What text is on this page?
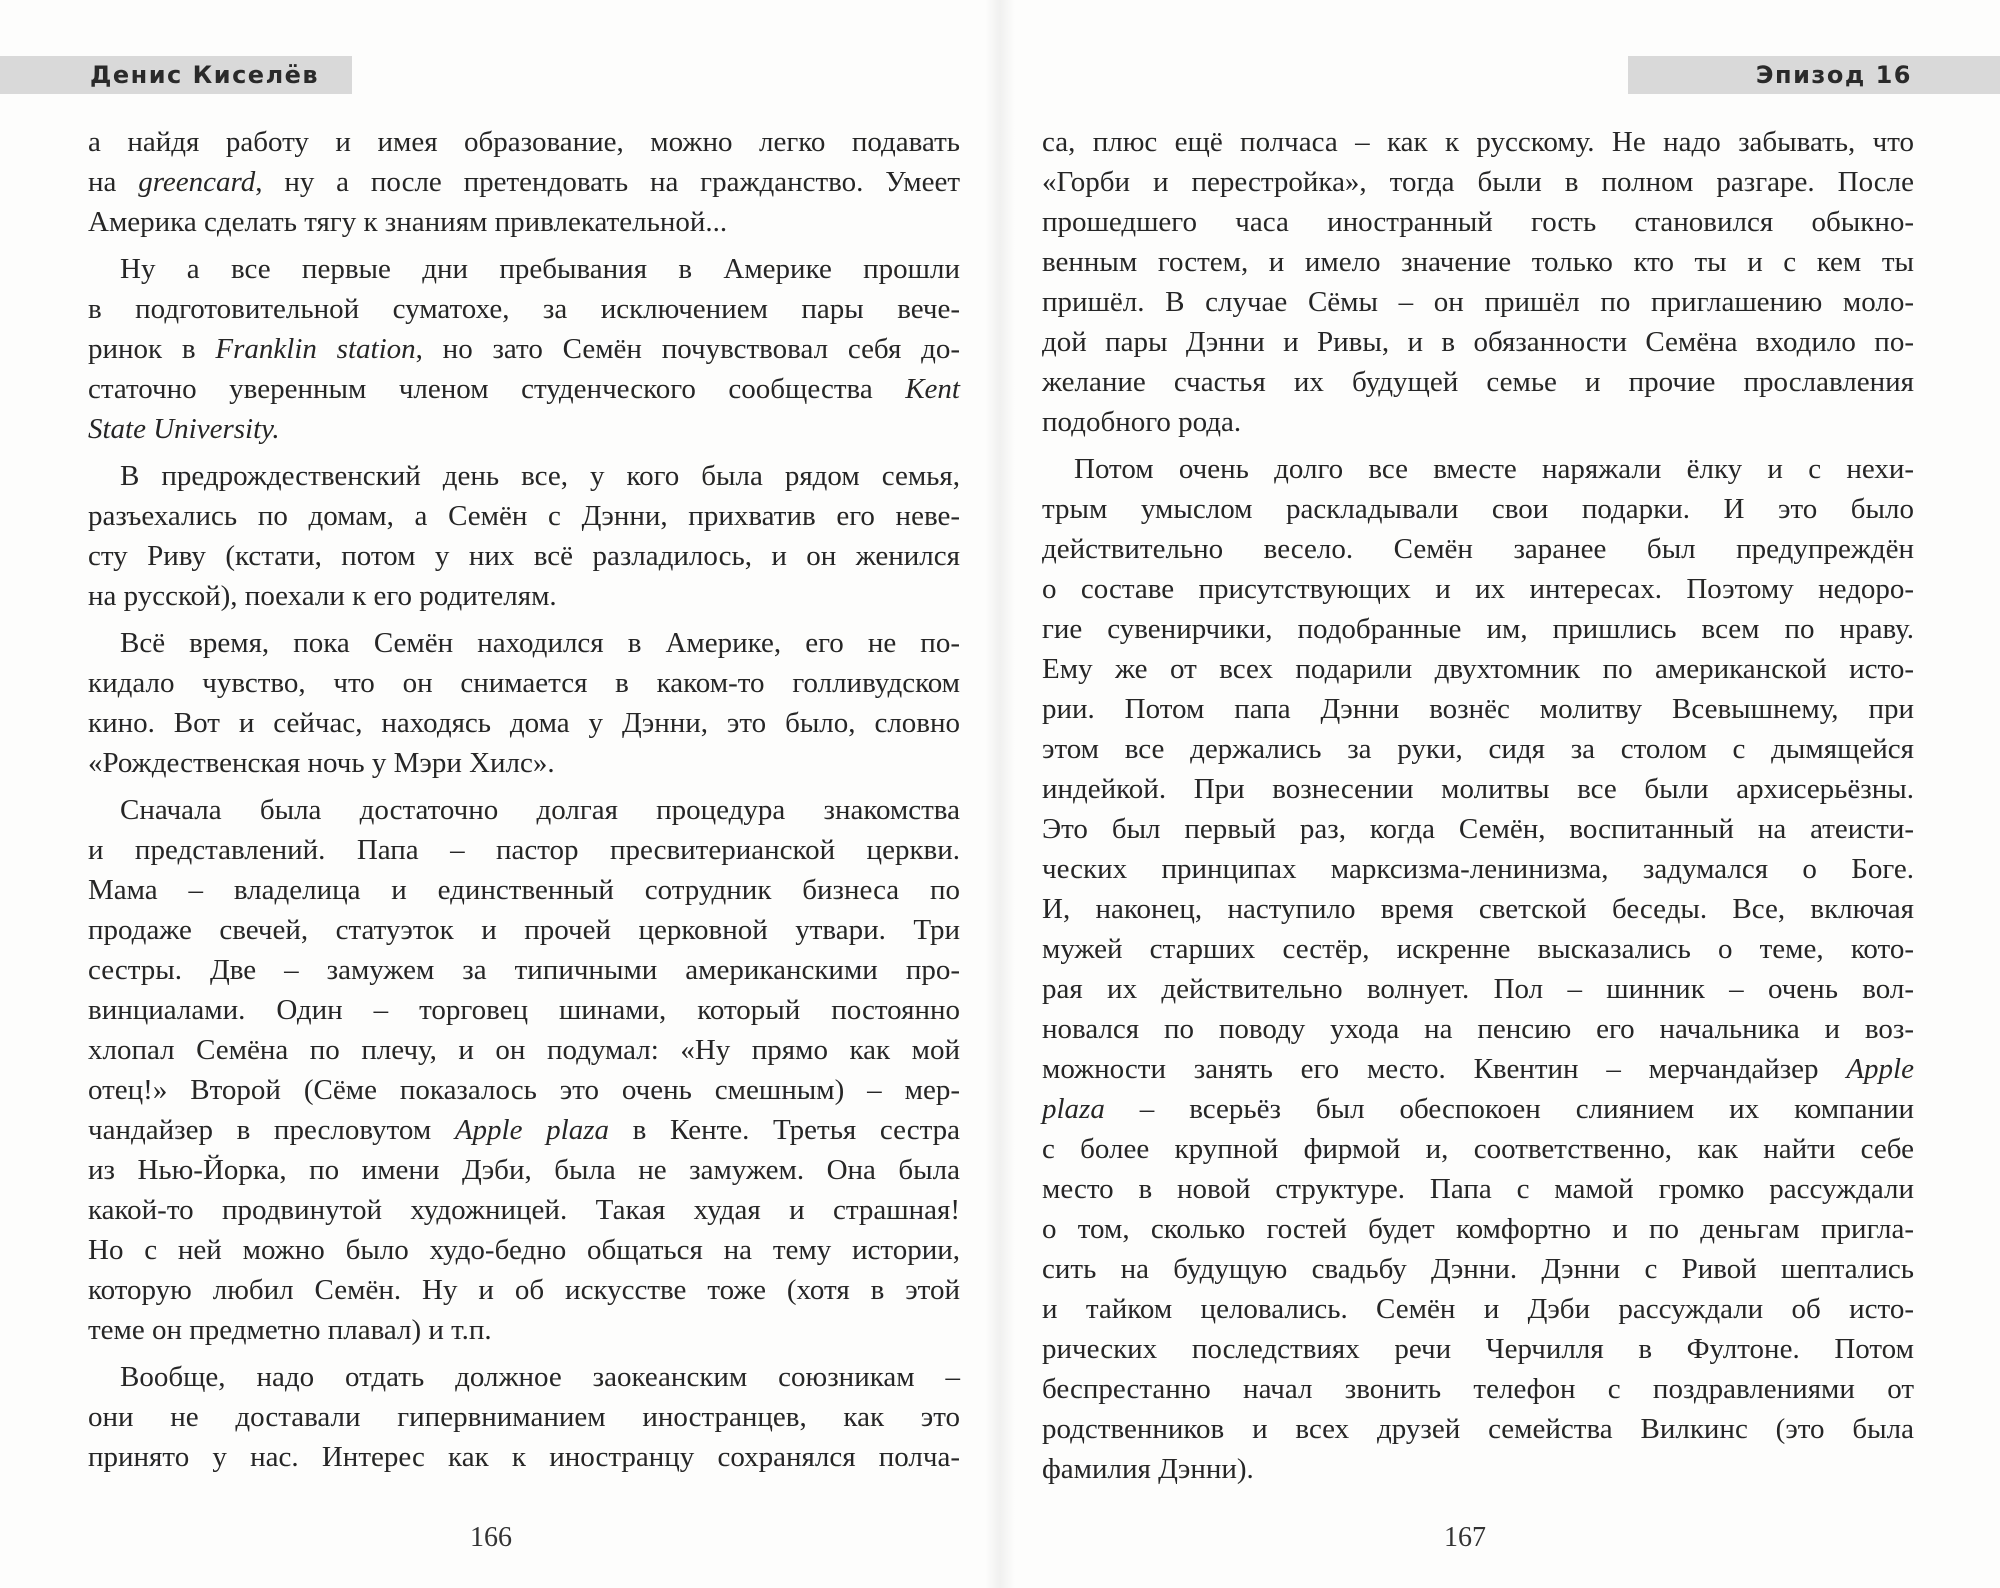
Денис Киселёв
а найдя работу и имея образование, можно легко подавать
на greencard, ну а после претендовать на гражданство. Умеет
Америка сделать тягу к знаниям привлекательной...
Ну а все первые дни пребывания в Америке прошли
в подготовительной суматохе, за исключением пары вече-
ринок в Franklin station, но зато Семён почувствовал себя до-
статочно уверенным членом студенческого сообщества Kent
State University.
В предрождественский день все, у кого была рядом семья,
разъехались по домам, а Семён с Дэнни, прихватив его неве-
сту Риву (кстати, потом у них всё разладилось, и он женился
на русской), поехали к его родителям.
Всё время, пока Семён находился в Америке, его не по-
кидало чувство, что он снимается в каком-то голливудском
кино. Вот и сейчас, находясь дома у Дэнни, это было, словно
«Рождественская ночь у Мэри Хилс».
Сначала была достаточно долгая процедура знакомства
и представлений. Папа – пастор пресвитерианской церкви.
Мама – владелица и единственный сотрудник бизнеса по
продаже свечей, статуэток и прочей церковной утвари. Три
сестры. Две – замужем за типичными американскими про-
винциалами. Один – торговец шинами, который постоянно
хлопал Семёна по плечу, и он подумал: «Ну прямо как мой
отец!» Второй (Сёме показалось это очень смешным) – мер-
чандайзер в пресловутом Apple plaza в Кенте. Третья сестра
из Нью-Йорка, по имени Дэби, была не замужем. Она была
какой-то продвинутой художницей. Такая худая и страшная!
Но с ней можно было худо-бедно общаться на тему истории,
которую любил Семён. Ну и об искусстве тоже (хотя в этой
теме он предметно плавал) и т.п.
Вообще, надо отдать должное заокеанским союзникам –
они не доставали гипервниманием иностранцев, как это
принято у нас. Интерес как к иностранцу сохранялся полча-
166
Эпизод 16
са, плюс ещё полчаса – как к русскому. Не надо забывать, что
«Горби и перестройка», тогда были в полном разгаре. После
прошедшего часа иностранный гость становился обыкно-
венным гостем, и имело значение только кто ты и с кем ты
пришёл. В случае Сёмы – он пришёл по приглашению моло-
дой пары Дэнни и Ривы, и в обязанности Семёна входило по-
желание счастья их будущей семье и прочие прославления
подобного рода.
Потом очень долго все вместе наряжали ёлку и с нехи-
трым умыслом раскладывали свои подарки. И это было
действительно весело. Семён заранее был предупреждён
о составе присутствующих и их интересах. Поэтому недоро-
гие сувенирчики, подобранные им, пришлись всем по нраву.
Ему же от всех подарили двухтомник по американской исто-
рии. Потом папа Дэнни вознёс молитву Всевышнему, при
этом все держались за руки, сидя за столом с дымящейся
индейкой. При вознесении молитвы все были архисерьёзны.
Это был первый раз, когда Семён, воспитанный на атеисти-
ческих принципах марксизма-ленинизма, задумался о Боге.
И, наконец, наступило время светской беседы. Все, включая
мужей старших сестёр, искренне высказались о теме, кото-
рая их действительно волнует. Пол – шинник – очень вол-
новался по поводу ухода на пенсию его начальника и воз-
можности занять его место. Квентин – мерчандайзер Apple
plaza – всерьёз был обеспокоен слиянием их компании
с более крупной фирмой и, соответственно, как найти себе
место в новой структуре. Папа с мамой громко рассуждали
о том, сколько гостей будет комфортно и по деньгам пригла-
сить на будущую свадьбу Дэнни. Дэнни с Ривой шептались
и тайком целовались. Семён и Дэби рассуждали об исто-
рических последствиях речи Черчилля в Фултоне. Потом
беспрестанно начал звонить телефон с поздравлениями от
родственников и всех друзей семейства Вилкинс (это была
фамилия Дэнни).
167
